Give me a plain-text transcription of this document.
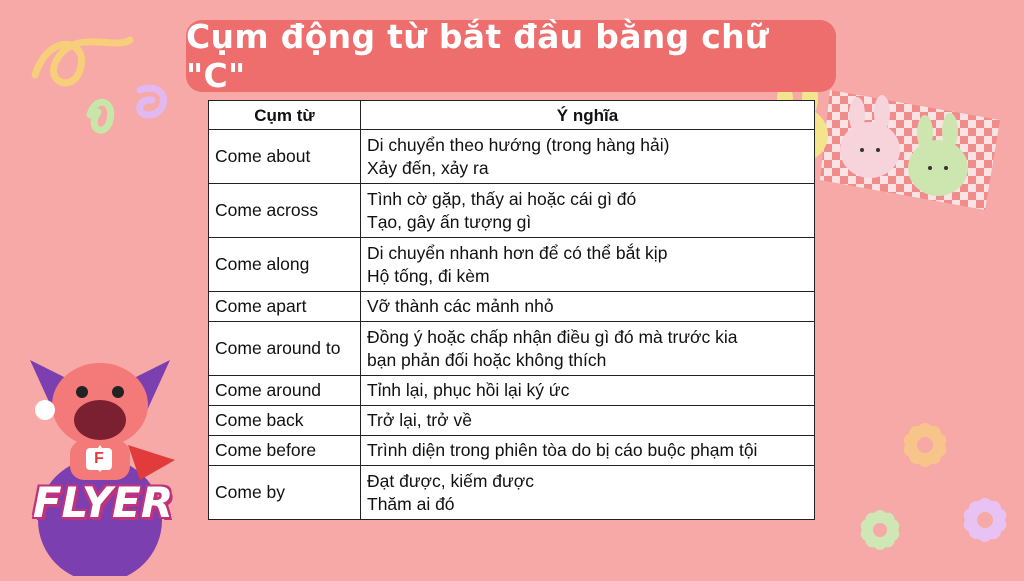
FLYER
F
Cụm động từ bắt đầu bằng chữ "C"
Cụm từ	Ý nghĩa
Come about	Di chuyển theo hướng (trong hàng hải)
Xảy đến, xảy ra

Come across	Tình cờ gặp, thấy ai hoặc cái gì đó
Tạo, gây ấn tượng gì

Come along	Di chuyển nhanh hơn để có thể bắt kịp
Hộ tống, đi kèm

Come apart	Vỡ thành các mảnh nhỏ

Come around to	Đồng ý hoặc chấp nhận điều gì đó mà trước kia
bạn phản đối hoặc không thích

Come around	Tỉnh lại, phục hồi lại ký ức

Come back	Trở lại, trở về

Come before	Trình diện trong phiên tòa do bị cáo buộc phạm tội

Come by	Đạt được, kiếm được
Thăm ai đó
